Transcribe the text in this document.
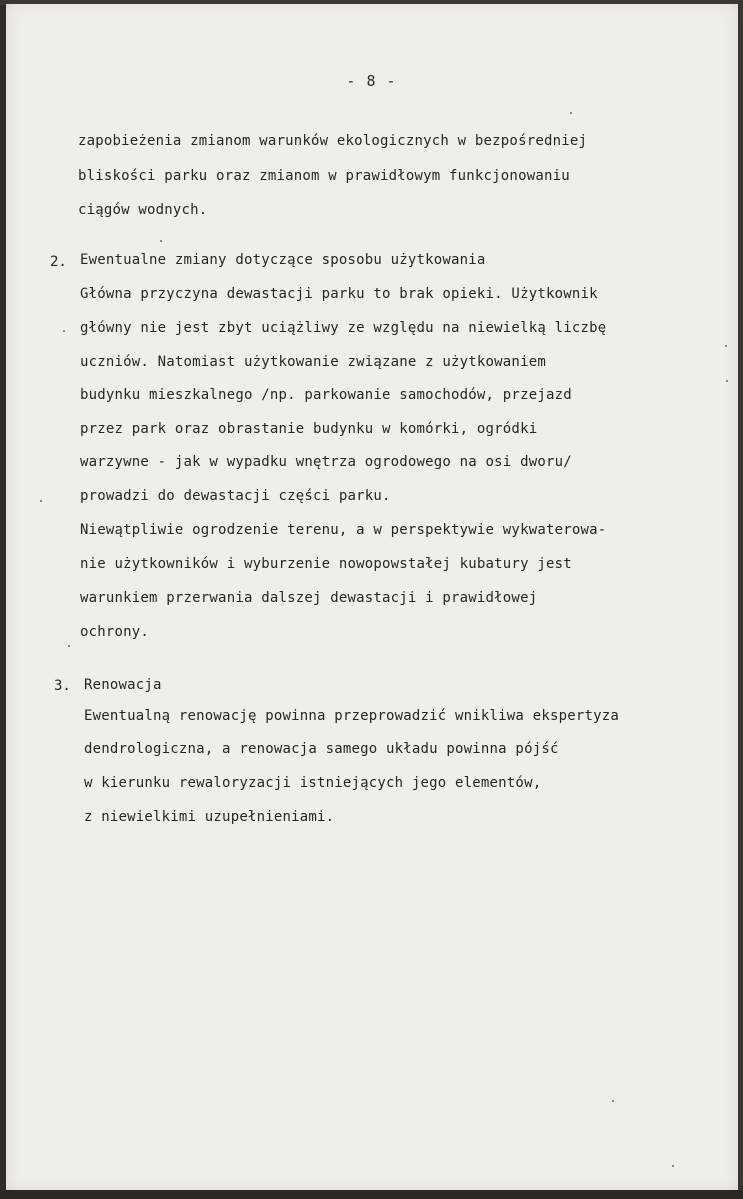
- 8 -
zapobieżenia zmianom warunków ekologicznych w bezpośredniej
bliskości parku oraz zmianom w prawidłowym funkcjonowaniu
ciągów wodnych.
2. Ewentualne zmiany dotyczące sposobu użytkowania
Główna przyczyna dewastacji parku to brak opieki. Użytkownik
główny nie jest zbyt uciążliwy ze względu na niewielką liczbę
uczniów. Natomiast użytkowanie związane z użytkowaniem
budynku mieszkalnego /np. parkowanie samochodów, przejazd
przez park oraz obrastanie budynku w komórki, ogródki
warzywne - jak w wypadku wnętrza ogrodowego na osi dworu/
prowadzi do dewastacji części parku.
Niewątpliwie ogrodzenie terenu, a w perspektywie wykwaterowa-
nie użytkowników i wyburzenie nowopowstałej kubatury jest
warunkiem przerwania dalszej dewastacji i prawidłowej
ochrony.
3. Renowacja
Ewentualną renowację powinna przeprowadzić wnikliwa ekspertyza
dendrologiczna, a renowacja samego układu powinna pójść
w kierunku rewaloryzacji istniejących jego elementów,
z niewielkimi uzupełnieniami.
